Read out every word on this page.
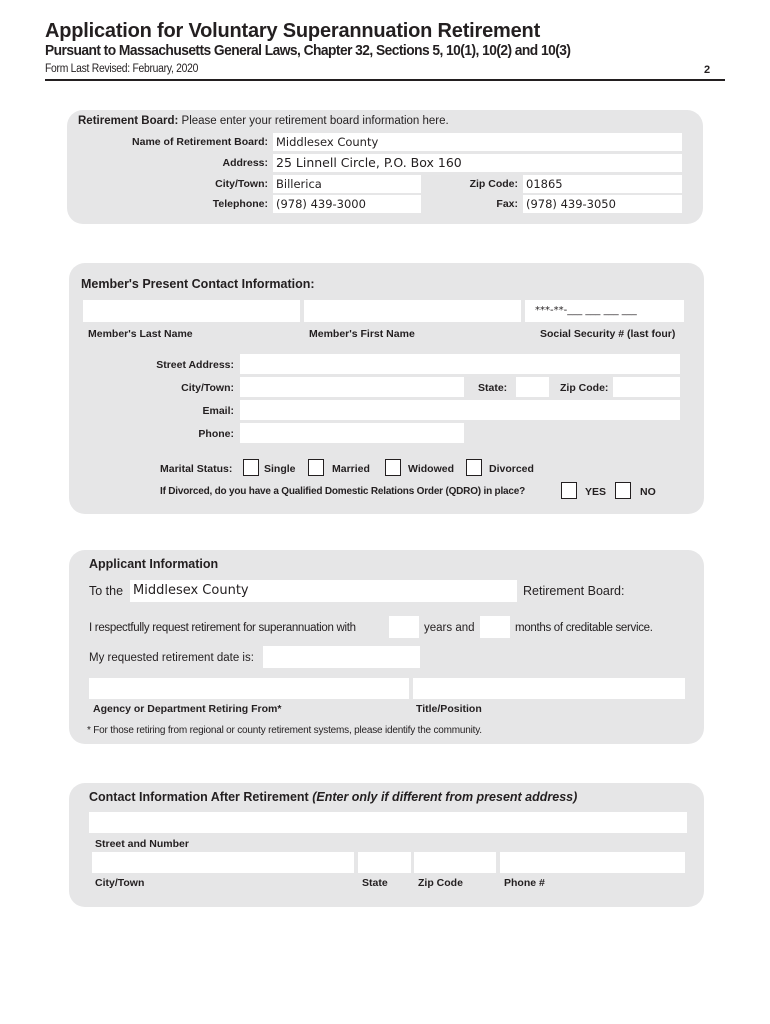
Application for Voluntary Superannuation Retirement
Pursuant to Massachusetts General Laws, Chapter 32, Sections 5, 10(1), 10(2) and 10(3)
Form Last Revised: February, 2020	2
Retirement Board: Please enter your retirement board information here.
Name of Retirement Board: Middlesex County
Address: 25 Linnell Circle, P.O. Box 160
City/Town: Billerica	Zip Code: 01865
Telephone: (978) 439-3000	Fax: (978) 439-3050
Member's Present Contact Information:
***-**-___ ___ ___ ___
Member's Last Name	Member's First Name	Social Security # (last four)
Street Address:
City/Town:	State:	Zip Code:
Email:
Phone:
Marital Status:	Single	Married	Widowed	Divorced
If Divorced, do you have a Qualified Domestic Relations Order (QDRO) in place?	YES	NO
Applicant Information
To the Middlesex County	Retirement Board:
I respectfully request retirement for superannuation with	years and	months of creditable service.
My requested retirement date is:
Agency or Department Retiring From*	Title/Position
* For those retiring from regional or county retirement systems, please identify the community.
Contact Information After Retirement (Enter only if different from present address)
Street and Number
City/Town	State	Zip Code	Phone #
